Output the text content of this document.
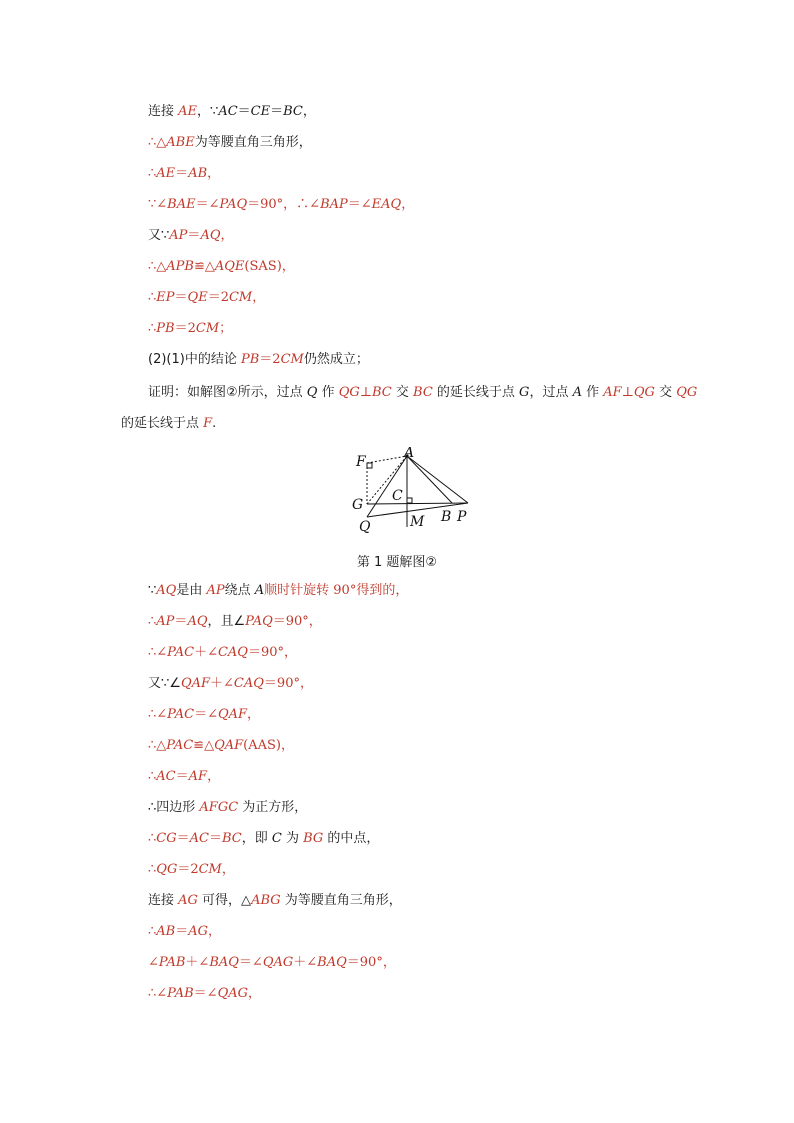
连接 AE，∵AC＝CE＝BC，
∴△ABE为等腰直角三角形，
∴AE＝AB，
∵∠BAE＝∠PAQ＝90°，∴∠BAP＝∠EAQ，
又∵AP＝AQ，
∴△APB≌△AQE(SAS)，
∴EP＝QE＝2CM，
∴PB＝2CM；
(2)(1)中的结论 PB＝2CM仍然成立；
证明：如解图②所示，过点 Q 作 QG⊥BC 交 BC 的延长线于点 G，过点 A 作 AF⊥QG 交 QG
的延长线于点 F.
F
A
G
C
Q	M B P
第 1 题解图②
∵AQ是由 AP绕点 A顺时针旋转 90°得到的，
∴AP＝AQ，且∠PAQ＝90°，
∴∠PAC＋∠CAQ＝90°，
又∵∠QAF＋∠CAQ＝90°，
∴∠PAC＝∠QAF，
∴△PAC≌△QAF(AAS)，
∴AC＝AF，
∴四边形 AFGC 为正方形，
∴CG＝AC＝BC，即 C 为 BG 的中点，
∴QG＝2CM，
连接 AG 可得，△ABG 为等腰直角三角形，
∴AB＝AG，
∠PAB＋∠BAQ＝∠QAG＋∠BAQ＝90°，
∴∠PAB＝∠QAG，
